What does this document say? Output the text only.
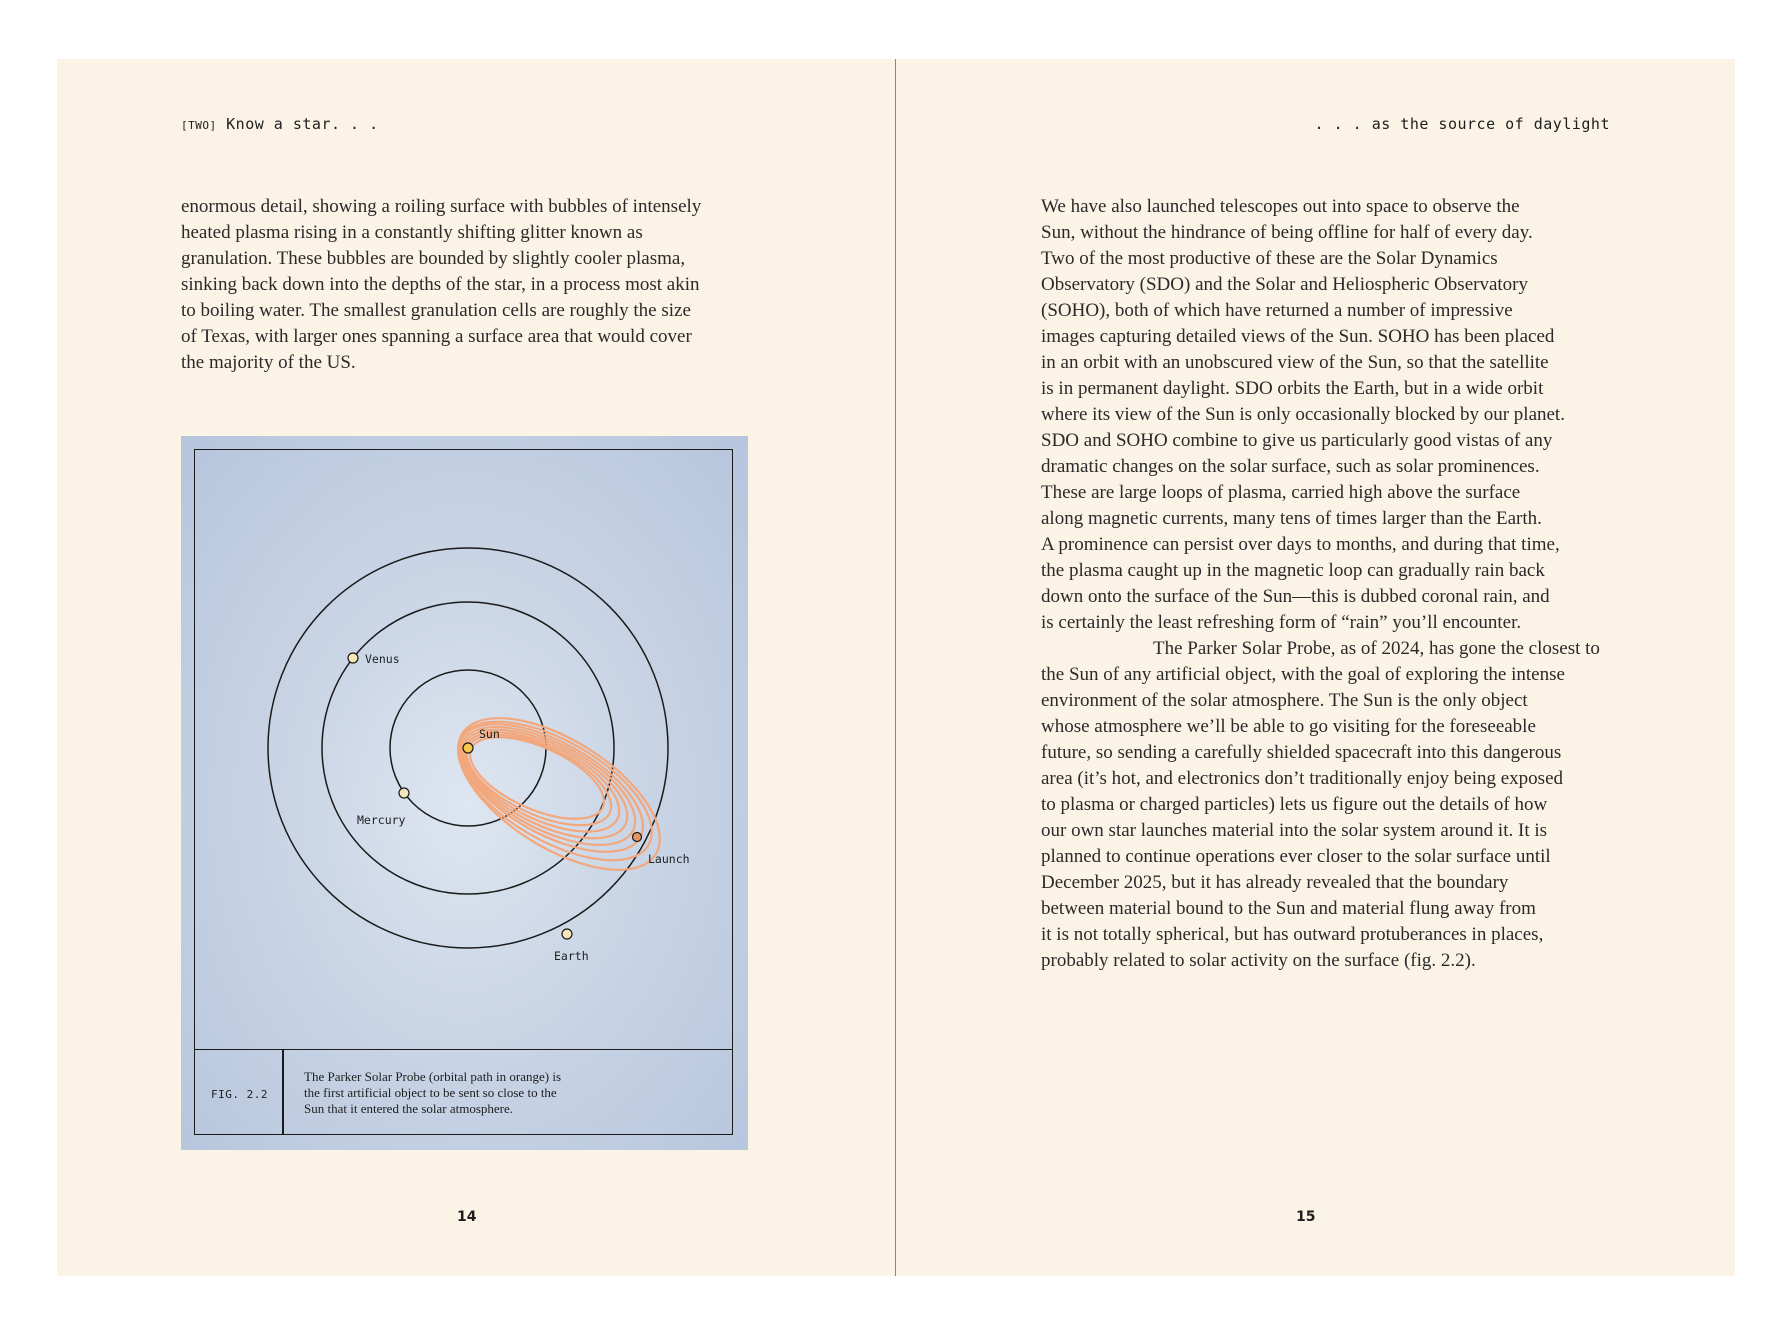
[TWO] Know a star. . .

enormous detail, showing a roiling surface with bubbles of intensely
heated plasma rising in a constantly shifting glitter known as
granulation. These bubbles are bounded by slightly cooler plasma,
sinking back down into the depths of the star, in a process most akin
to boiling water. The smallest granulation cells are roughly the size
of Texas, with larger ones spanning a surface area that would cover
the majority of the US.

Venus
Sun
Mercury
Launch
Earth
FIG. 2.2
The Parker Solar Probe (orbital path in orange) is
the first artificial object to be sent so close to the
Sun that it entered the solar atmosphere.
14
. . . as the source of daylight

We have also launched telescopes out into space to observe the
Sun, without the hindrance of being offline for half of every day.
Two of the most productive of these are the Solar Dynamics
Observatory (SDO) and the Solar and Heliospheric Observatory
(SOHO), both of which have returned a number of impressive
images capturing detailed views of the Sun. SOHO has been placed
in an orbit with an unobscured view of the Sun, so that the satellite
is in permanent daylight. SDO orbits the Earth, but in a wide orbit
where its view of the Sun is only occasionally blocked by our planet.
SDO and SOHO combine to give us particularly good vistas of any
dramatic changes on the solar surface, such as solar prominences.
These are large loops of plasma, carried high above the surface
along magnetic currents, many tens of times larger than the Earth.
A prominence can persist over days to months, and during that time,
the plasma caught up in the magnetic loop can gradually rain back
down onto the surface of the Sun—this is dubbed coronal rain, and
is certainly the least refreshing form of “rain” you’ll encounter.

The Parker Solar Probe, as of 2024, has gone the closest to
the Sun of any artificial object, with the goal of exploring the intense
environment of the solar atmosphere. The Sun is the only object
whose atmosphere we’ll be able to go visiting for the foreseeable
future, so sending a carefully shielded spacecraft into this dangerous
area (it’s hot, and electronics don’t traditionally enjoy being exposed
to plasma or charged particles) lets us figure out the details of how
our own star launches material into the solar system around it. It is
planned to continue operations ever closer to the solar surface until
December 2025, but it has already revealed that the boundary
between material bound to the Sun and material flung away from
it is not totally spherical, but has outward protuberances in places,
probably related to solar activity on the surface (fig. 2.2).

15
